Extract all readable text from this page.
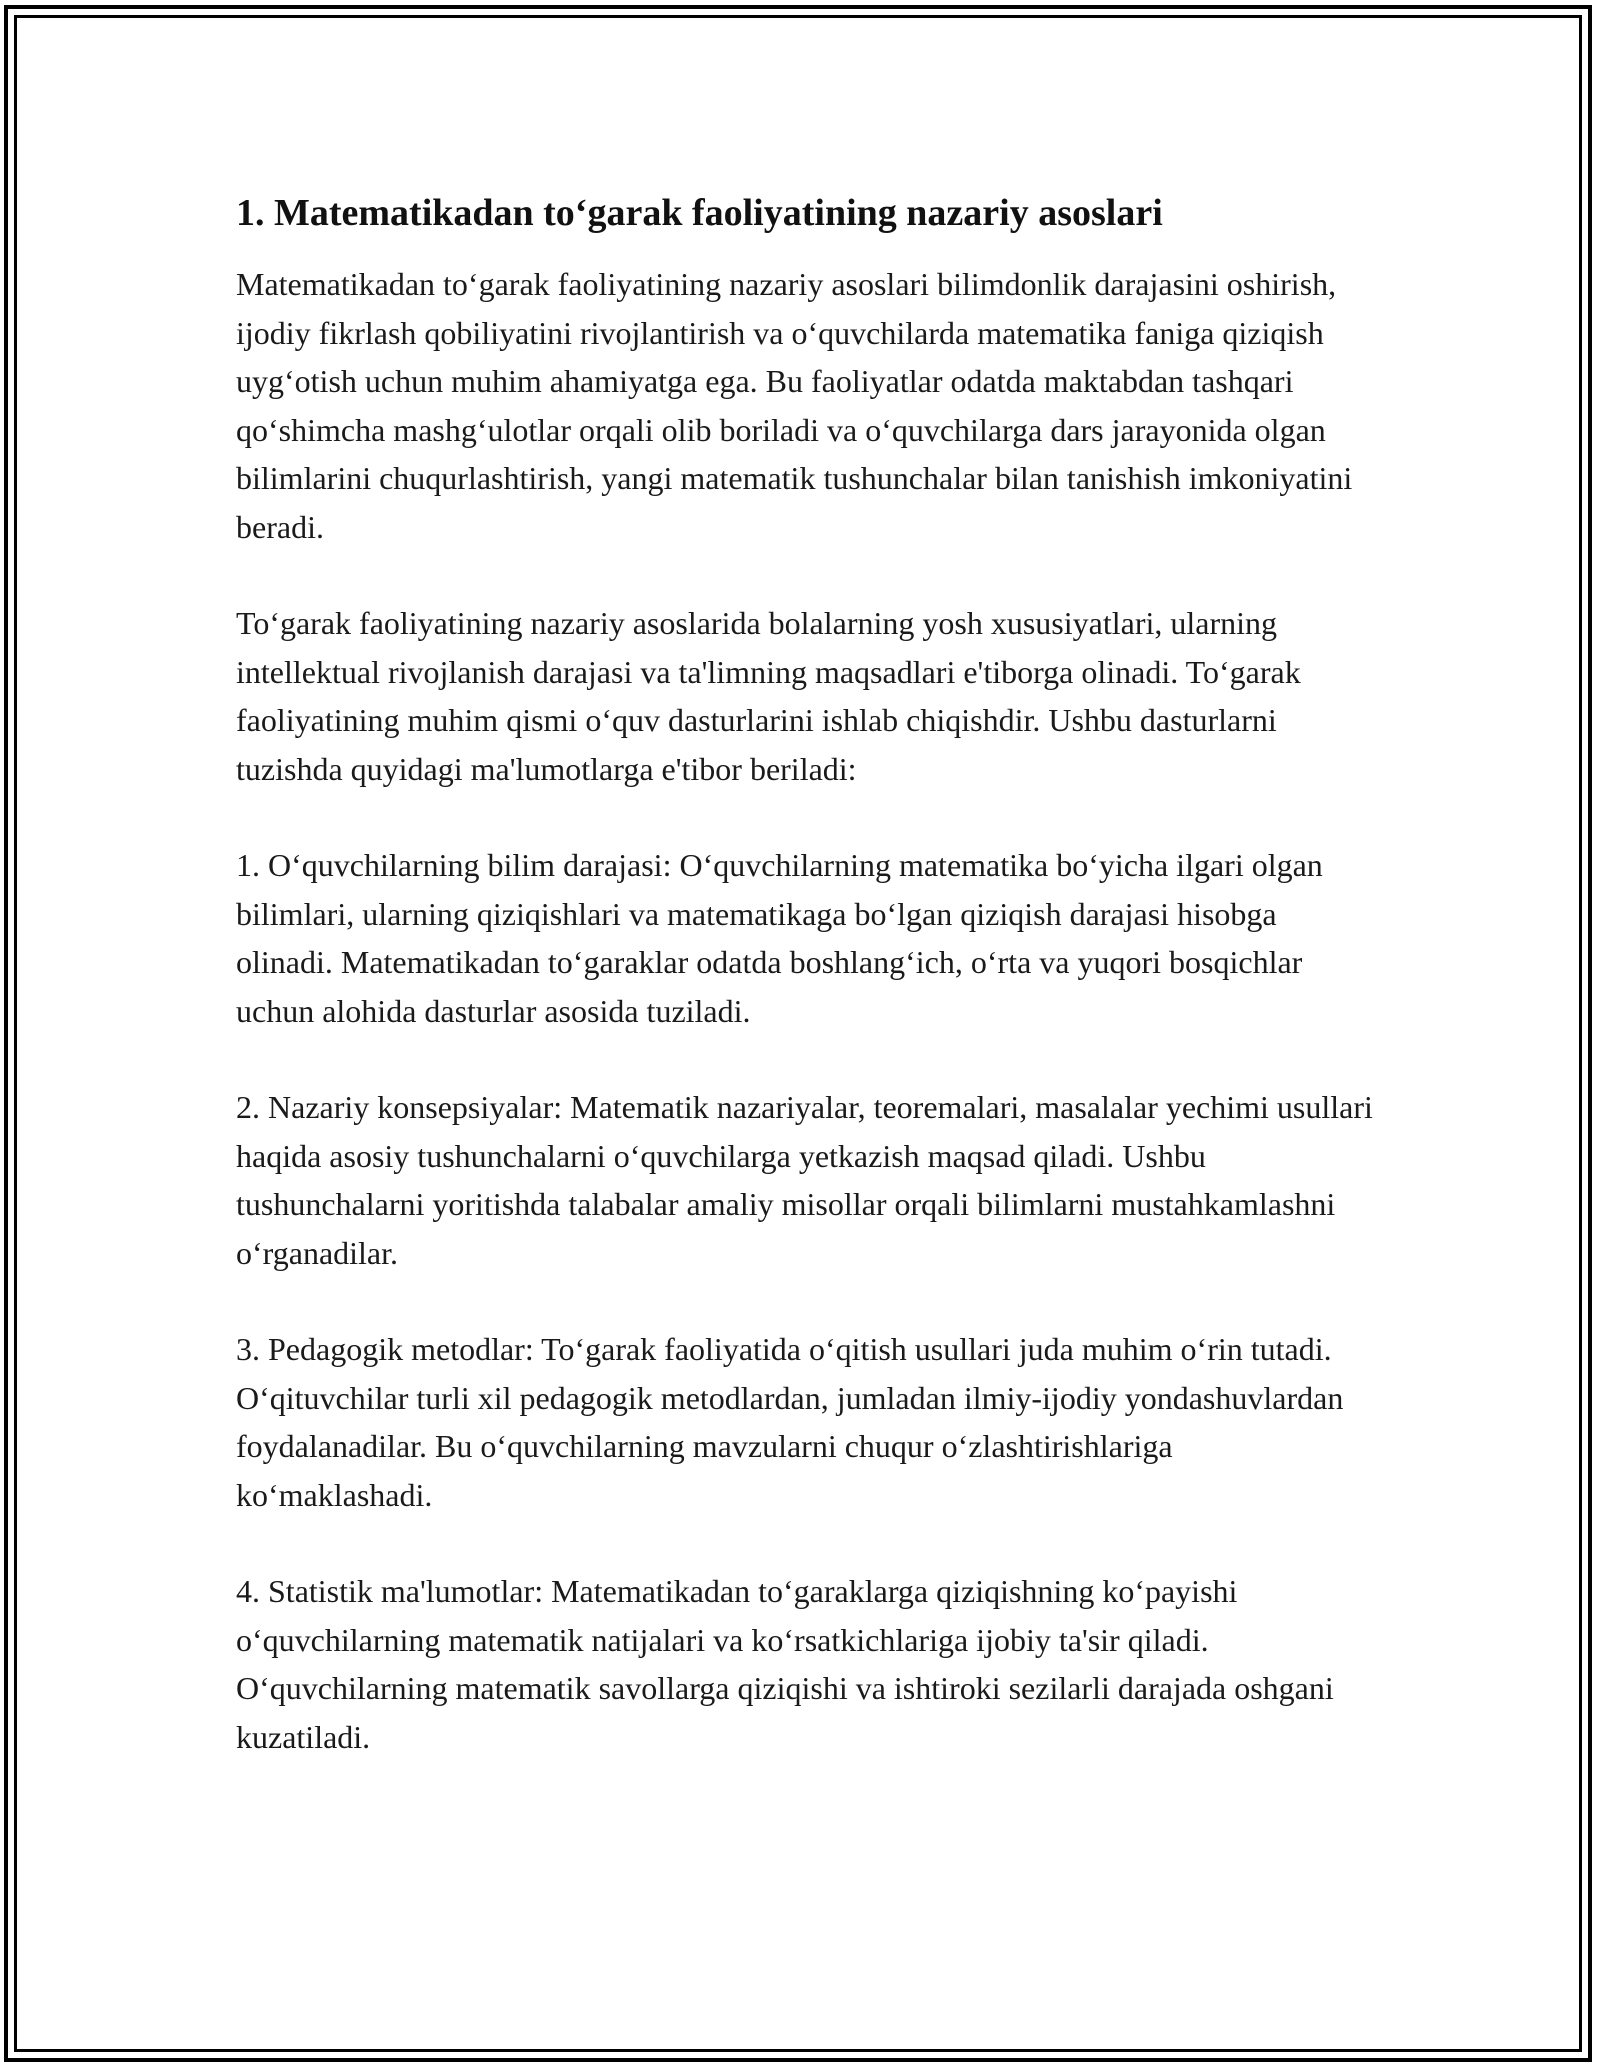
1. Matematikadan to‘garak faoliyatining nazariy asoslari

Matematikadan to‘garak faoliyatining nazariy asoslari bilimdonlik darajasini oshirish, ijodiy fikrlash qobiliyatini rivojlantirish va o‘quvchilarda matematika faniga qiziqish uyg‘otish uchun muhim ahamiyatga ega. Bu faoliyatlar odatda maktabdan tashqari qo‘shimcha mashg‘ulotlar orqali olib boriladi va o‘quvchilarga dars jarayonida olgan bilimlarini chuqurlashtirish, yangi matematik tushunchalar bilan tanishish imkoniyatini beradi.

To‘garak faoliyatining nazariy asoslarida bolalarning yosh xususiyatlari, ularning intellektual rivojlanish darajasi va ta'limning maqsadlari e'tiborga olinadi. To‘garak faoliyatining muhim qismi o‘quv dasturlarini ishlab chiqishdir. Ushbu dasturlarni tuzishda quyidagi ma'lumotlarga e'tibor beriladi:

1. O‘quvchilarning bilim darajasi: O‘quvchilarning matematika bo‘yicha ilgari olgan bilimlari, ularning qiziqishlari va matematikaga bo‘lgan qiziqish darajasi hisobga olinadi. Matematikadan to‘garaklar odatda boshlang‘ich, o‘rta va yuqori bosqichlar uchun alohida dasturlar asosida tuziladi.

2. Nazariy konsepsiyalar: Matematik nazariyalar, teoremalari, masalalar yechimi usullari haqida asosiy tushunchalarni o‘quvchilarga yetkazish maqsad qiladi. Ushbu tushunchalarni yoritishda talabalar amaliy misollar orqali bilimlarni mustahkamlashni o‘rganadilar.

3. Pedagogik metodlar: To‘garak faoliyatida o‘qitish usullari juda muhim o‘rin tutadi. O‘qituvchilar turli xil pedagogik metodlardan, jumladan ilmiy-ijodiy yondashuvlardan foydalanadilar. Bu o‘quvchilarning mavzularni chuqur o‘zlashtirishlariga ko‘maklashadi.

4. Statistik ma'lumotlar: Matematikadan to‘garaklarga qiziqishning ko‘payishi o‘quvchilarning matematik natijalari va ko‘rsatkichlariga ijobiy ta'sir qiladi. O‘quvchilarning matematik savollarga qiziqishi va ishtiroki sezilarli darajada oshgani kuzatiladi.
